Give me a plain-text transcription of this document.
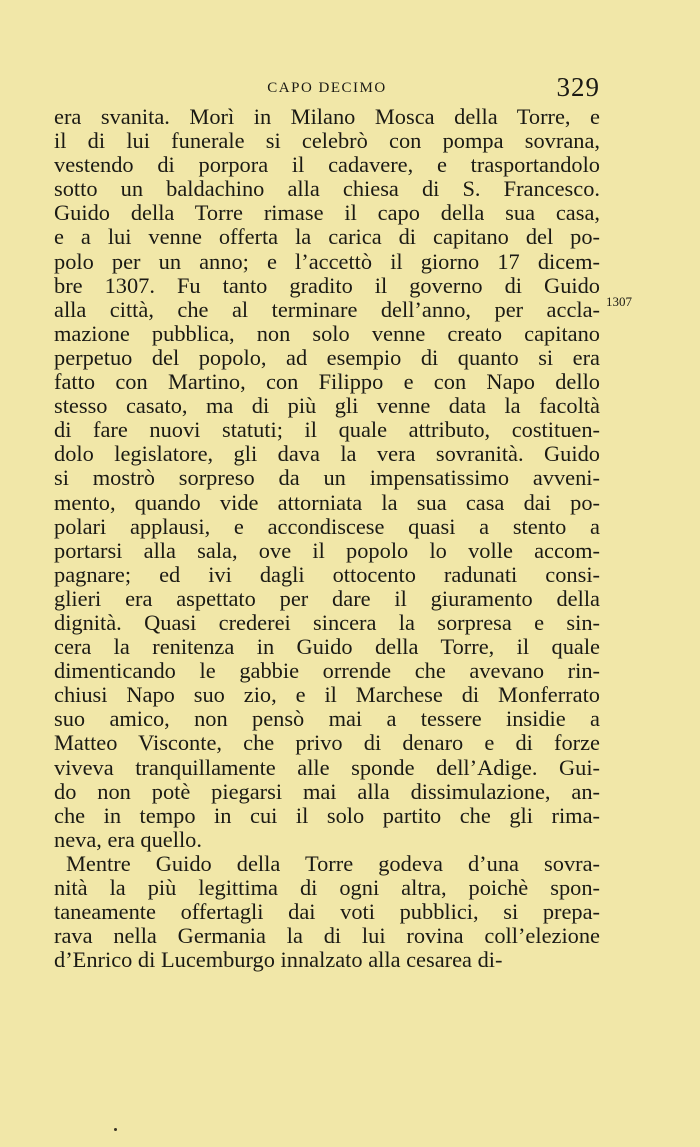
CAPO DECIMO	329
era svanita. Morì in Milano Mosca della Torre, e
il di lui funerale si celebrò con pompa sovrana,
vestendo di porpora il cadavere, e trasportandolo
sotto un baldachino alla chiesa di S. Francesco.
Guido della Torre rimase il capo della sua casa,
e a lui venne offerta la carica di capitano del po-
polo per un anno; e l’accettò il giorno 17 dicem-
bre 1307. Fu tanto gradito il governo di Guido
alla città, che al terminare dell’anno, per accla-
mazione pubblica, non solo venne creato capitano
perpetuo del popolo, ad esempio di quanto si era
fatto con Martino, con Filippo e con Napo dello
stesso casato, ma di più gli venne data la facoltà
di fare nuovi statuti; il quale attributo, costituen-
dolo legislatore, gli dava la vera sovranità. Guido
si mostrò sorpreso da un impensatissimo avveni-
mento, quando vide attorniata la sua casa dai po-
polari applausi, e accondiscese quasi a stento a
portarsi alla sala, ove il popolo lo volle accom-
pagnare; ed ivi dagli ottocento radunati consi-
glieri era aspettato per dare il giuramento della
dignità. Quasi crederei sincera la sorpresa e sin-
cera la renitenza in Guido della Torre, il quale
dimenticando le gabbie orrende che avevano rin-
chiusi Napo suo zio, e il Marchese di Monferrato
suo amico, non pensò mai a tessere insidie a
Matteo Visconte, che privo di denaro e di forze
viveva tranquillamente alle sponde dell’Adige. Gui-
do non potè piegarsi mai alla dissimulazione, an-
che in tempo in cui il solo partito che gli rima-
neva, era quello.
Mentre Guido della Torre godeva d’una sovra-
nità la più legittima di ogni altra, poichè spon-
taneamente offertagli dai voti pubblici, si prepa-
rava nella Germania la di lui rovina coll’elezione
d’Enrico di Lucemburgo innalzato alla cesarea di-
1307
